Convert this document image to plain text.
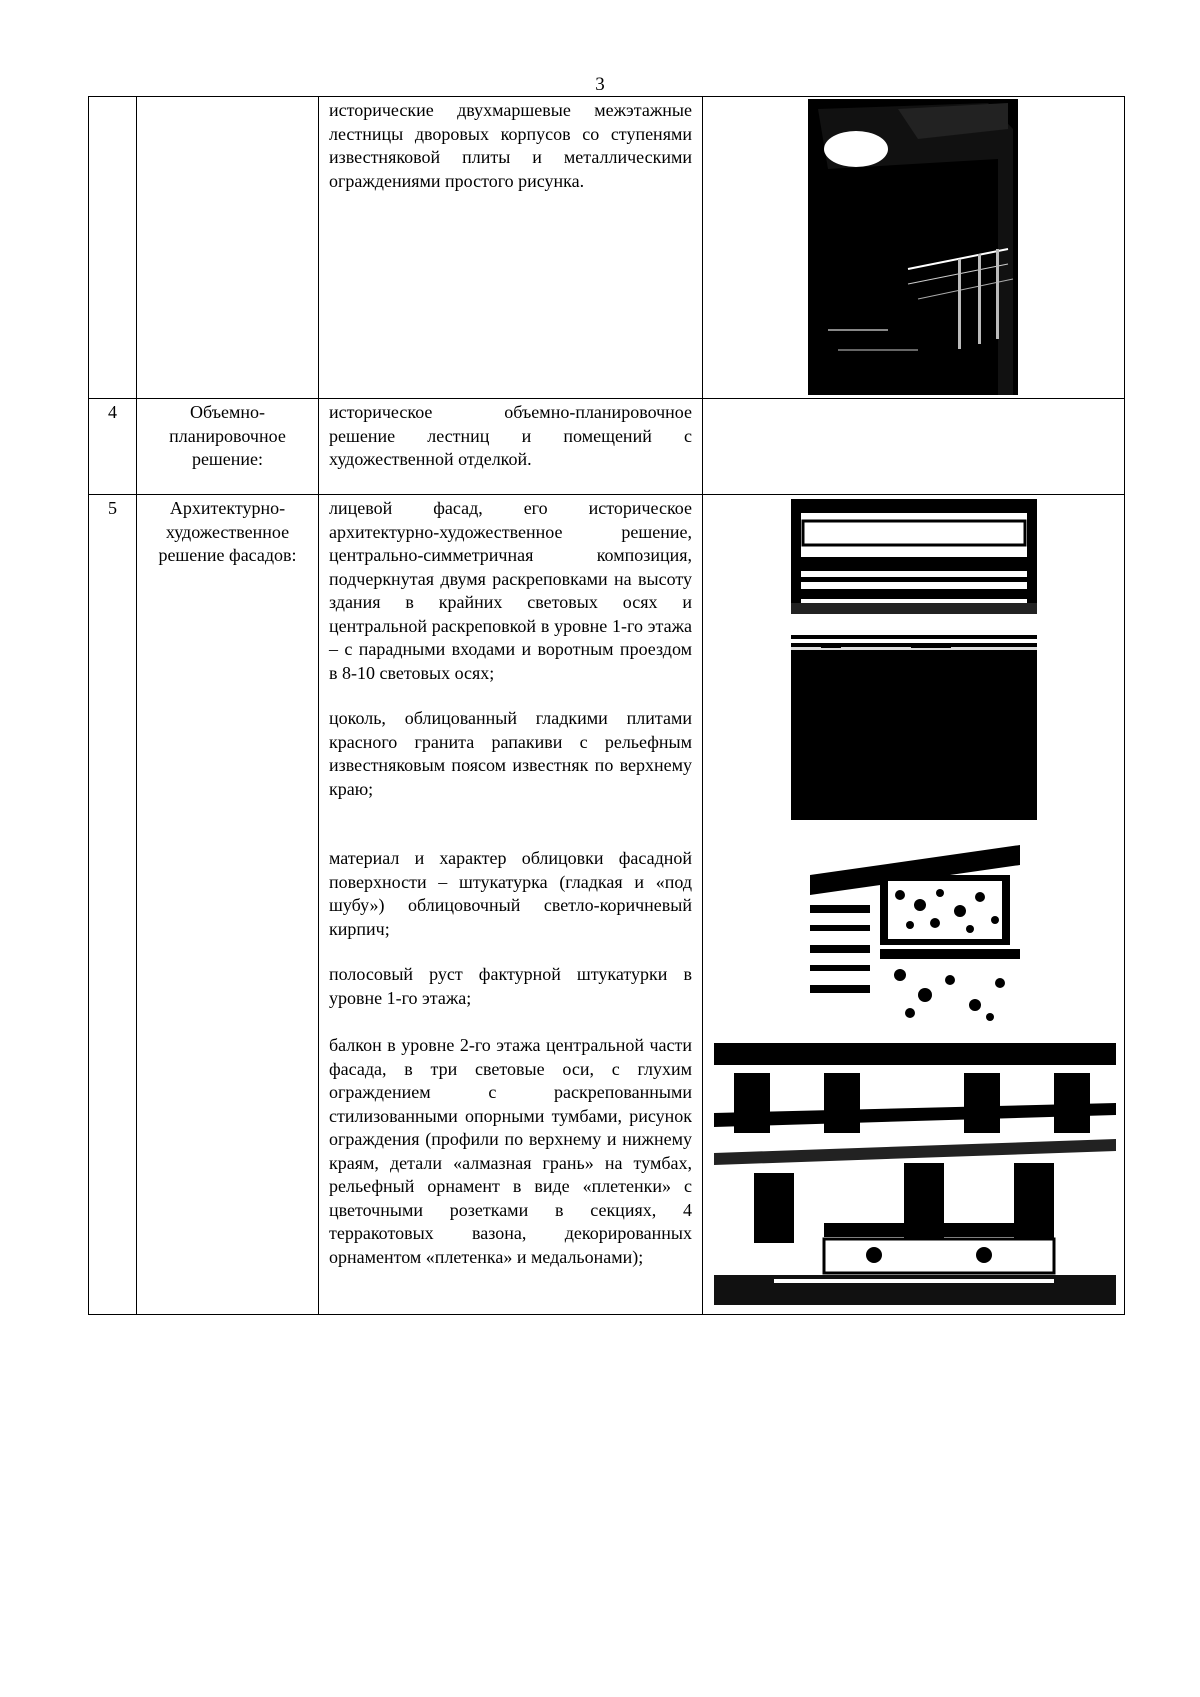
3

		исторические двухмаршевые межэтажные лестницы дворовых корпусов со ступенями известняковой плиты и металлическими ограждениями простого рисунка.

4	Объемно-планировочное решение:	историческое объемно-планировочное решение лестниц и помещений с художественной отделкой.	

5	Архитектурно-художественное решение фасадов:	лицевой фасад, его историческое архитектурно-художественное решение, центрально-симметричная композиция, подчеркнутая двумя раскреповками на высоту здания в крайних световых осях и центральной раскреповкой в уровне 1-го этажа – с парадными входами и воротным проездом в 8-10 световых осях;

цоколь, облицованный гладкими плитами красного гранита рапакиви с рельефным известняковым поясом известняк по верхнему краю;

материал и характер облицовки фасадной поверхности – штукатурка (гладкая и «под шубу») облицовочный светло-коричневый кирпич;

полосовый руст фактурной штукатурки в уровне 1-го этажа;

балкон в уровне 2-го этажа центральной части фасада, в три световые оси, с глухим ограждением с раскрепованными стилизованными опорными тумбами, рисунок ограждения (профили по верхнему и нижнему краям, детали «алмазная грань» на тумбах, рельефный орнамент в виде «плетенки» с цветочными розетками в секциях, 4 терракотовых вазона, декорированных орнаментом «плетенка» и медальонами);
